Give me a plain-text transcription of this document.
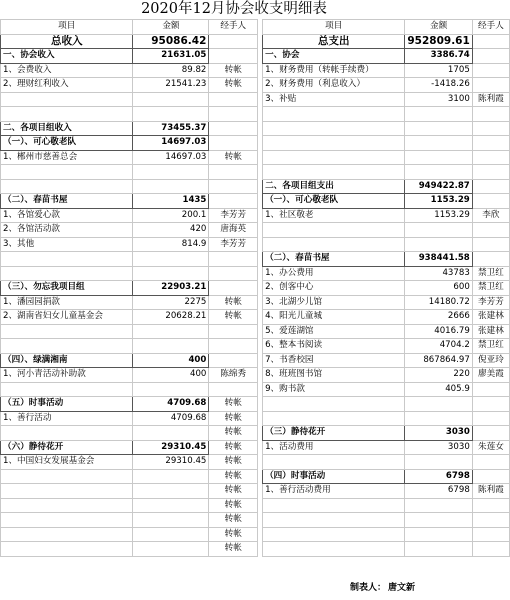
2020年12月协会收支明细表
项目	金额	经手人		项目	金额	经手人
总收入	95086.42			总支出	952809.61	
一、协会收入	21631.05			一、协会	3386.74	
1、会费收入	89.82	转帐		1、财务费用（转帐手续费）	1705	
2、理财红利收入	21541.23	转帐		2、财务费用（利息收入）	-1418.26	
				3、补贴	3100	陈利霞

二、各项目组收入	73455.37					
（一）、可心敬老队	14697.03					
1、郴州市慈善总会	14697.03	转帐				

				二、各项目组支出	949422.87	
（二）、春苗书屋	1435			（一）、可心敬老队	1153.29	
1、各馆爱心款	200.1	李芳芳		1、社区敬老	1153.29	李欣
2、各馆活动款	420	唐海英				
3、其他	814.9	李芳芳				
				（二）、春苗书屋	938441.58	
				1、办公费用	43783	禁卫红
（三）、勿忘我项目组	22903.21			2、创客中心	600	禁卫红
1、潘园园捐款	2275	转帐		3、北湖少儿馆	14180.72	李芳芳
2、湖南省妇女儿童基金会	20628.21	转帐		4、阳光儿童城	2666	张建林
				5、爱莲湖馆	4016.79	张建林
				6、整本书阅读	4704.2	禁卫红
（四）、绿满湘南	400			7、书香校园	867864.97	倪亚玲
1、河小青活动补助款	400	陈绵秀		8、班班图书馆	220	廖美霞
				9、购书款	405.9	
（五）时事活动	4709.68	转帐				
1、善行活动	4709.68	转帐				
		转帐		（三）静待花开	3030	
（六）静待花开	29310.45	转帐		1、活动费用	3030	朱莲女
1、中国妇女发展基金会	29310.45	转帐				
		转帐		（四）时事活动	6798	
		转帐		1、善行活动费用	6798	陈利霞
		转帐				
		转帐				
		转帐				
		转帐				
制表人： 唐文新
